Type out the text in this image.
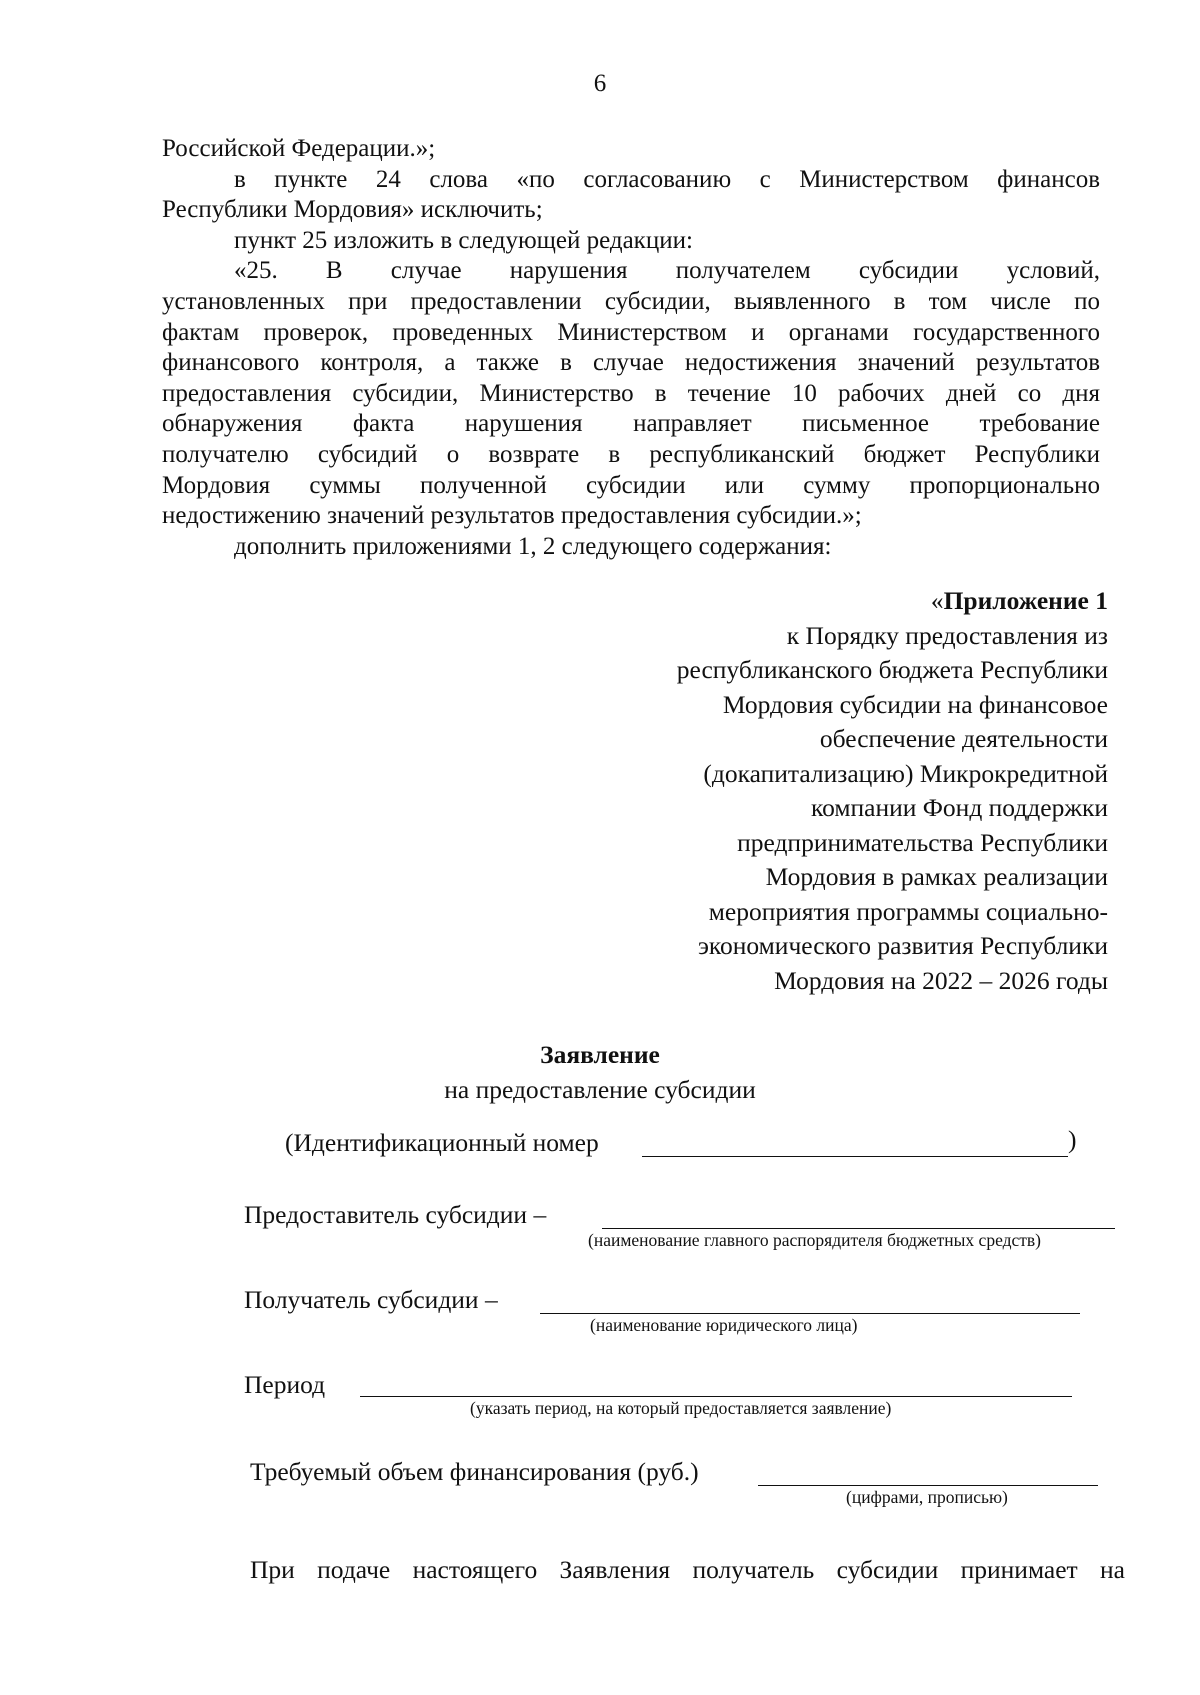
6
Российской Федерации.»;
в пункте 24 слова «по согласованию с Министерством финансов
Республики Мордовия» исключить;
пункт 25 изложить в следующей редакции:
«25. В случае нарушения получателем субсидии условий,
установленных при предоставлении субсидии, выявленного в том числе по
фактам проверок, проведенных Министерством и органами государственного
финансового контроля, а также в случае недостижения значений результатов
предоставления субсидии, Министерство в течение 10 рабочих дней со дня
обнаружения факта нарушения направляет письменное требование
получателю субсидий о возврате в республиканский бюджет Республики
Мордовия суммы полученной субсидии или сумму пропорционально
недостижению значений результатов предоставления субсидии.»;
дополнить приложениями 1, 2 следующего содержания:
«Приложение 1
к Порядку предоставления из
республиканского бюджета Республики
Мордовия субсидии на финансовое
обеспечение деятельности
(докапитализацию) Микрокредитной
компании Фонд поддержки
предпринимательства Республики
Мордовия в рамках реализации
мероприятия программы социально-
экономического развития Республики
Мордовия на 2022 – 2026 годы
Заявление
на предоставление субсидии
(Идентификационный номер	)
Предоставитель субсидии –
(наименование главного распорядителя бюджетных средств)
Получатель субсидии –
(наименование юридического лица)
Период
(указать период, на который предоставляется заявление)
Требуемый объем финансирования (руб.)
(цифрами, прописью)
При подаче настоящего Заявления получатель субсидии принимает на
